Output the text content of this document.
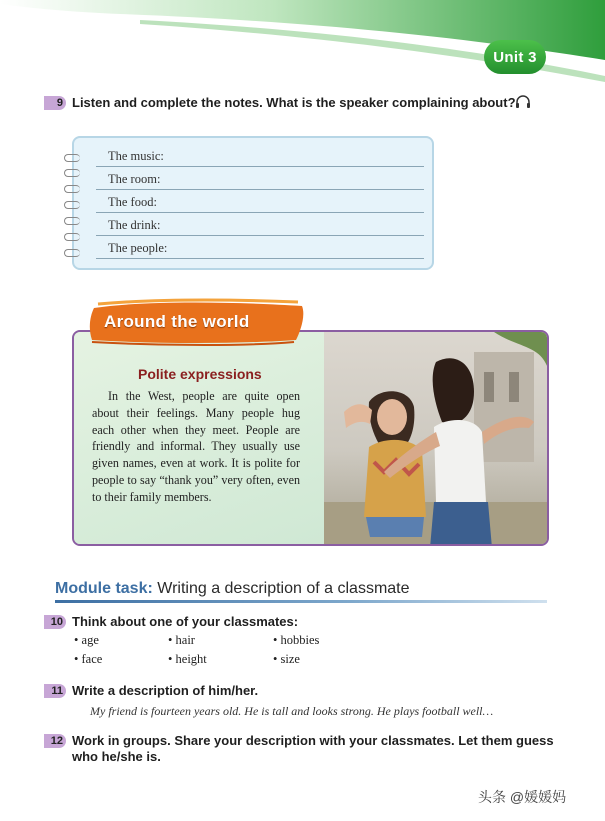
Unit 3
9 Listen and complete the notes. What is the speaker complaining about?
The music:
The room:
The food:
The drink:
The people:
Around the world
Polite expressions
In the West, people are quite open about their feelings. Many people hug each other when they meet. People are friendly and informal. They usually use given names, even at work. It is polite for people to say “thank you” very often, even to their family members.
Module task: Writing a description of a classmate
10 Think about one of your classmates:
• age	• hair	• hobbies
• face	• height	• size
11 Write a description of him/her.
My friend is fourteen years old. He is tall and looks strong. He plays football well…
12 Work in groups. Share your description with your classmates. Let them guess
who he/she is.
头条 @媛媛妈
